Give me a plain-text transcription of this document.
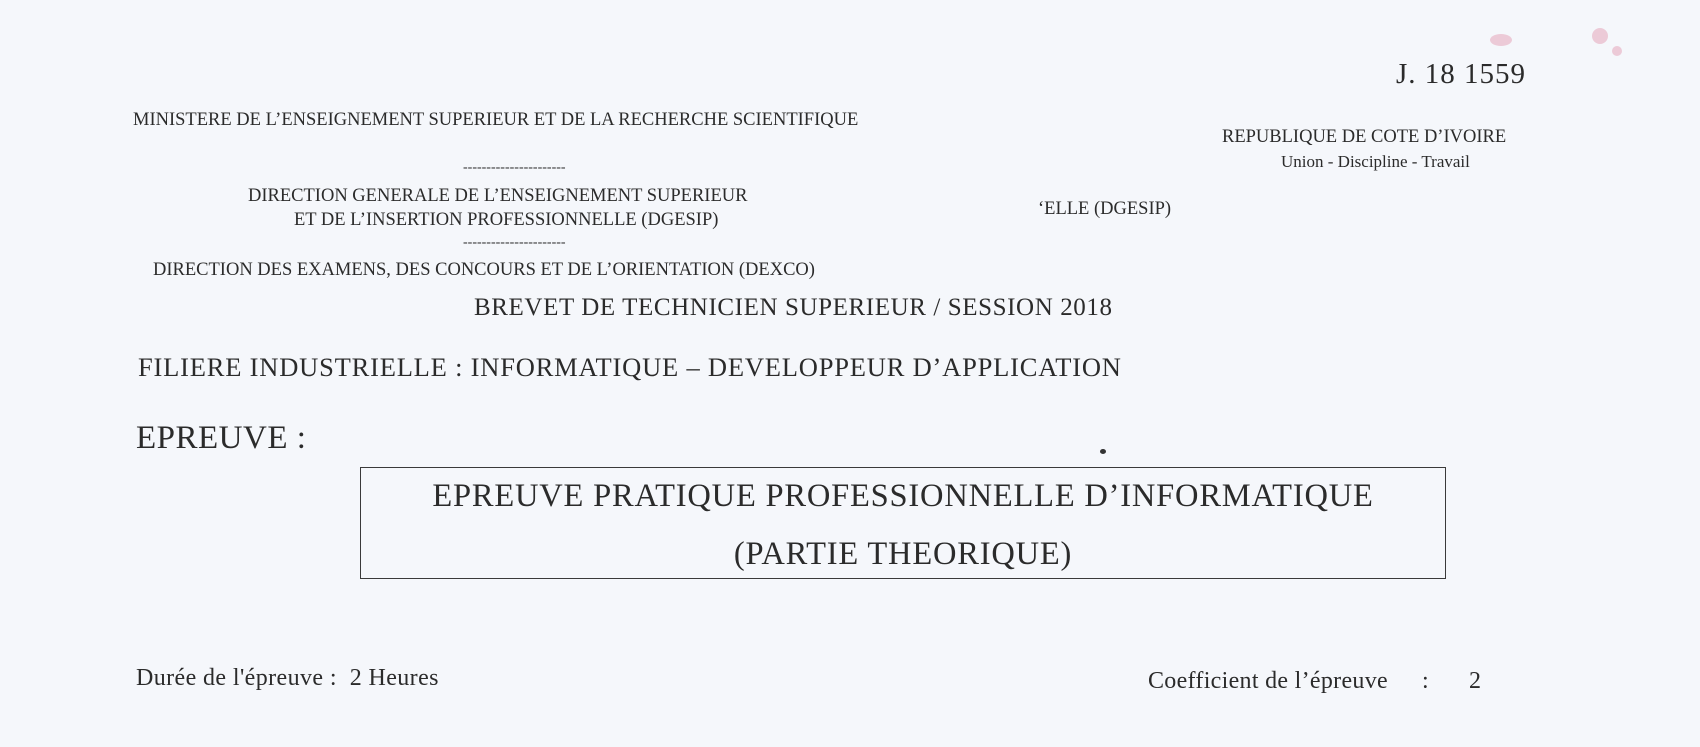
J. 18 1559
MINISTERE DE L’ENSEIGNEMENT SUPERIEUR ET DE LA RECHERCHE SCIENTIFIQUE
REPUBLIQUE DE COTE D’IVOIRE
Union - Discipline - Travail
----------------------
DIRECTION GENERALE DE L’ENSEIGNEMENT SUPERIEUR
ET DE L’INSERTION PROFESSIONNELLE (DGESIP)
ʻELLE (DGESIP)
----------------------
DIRECTION DES EXAMENS, DES CONCOURS ET DE L’ORIENTATION (DEXCO)
BREVET DE TECHNICIEN SUPERIEUR / SESSION 2018
FILIERE INDUSTRIELLE : INFORMATIQUE – DEVELOPPEUR D’APPLICATION
EPREUVE :
EPREUVE PRATIQUE PROFESSIONNELLE D’INFORMATIQUE
(PARTIE THEORIQUE)
Durée de l'épreuve : 2 Heures	Coefficient de l’épreuve : 2
